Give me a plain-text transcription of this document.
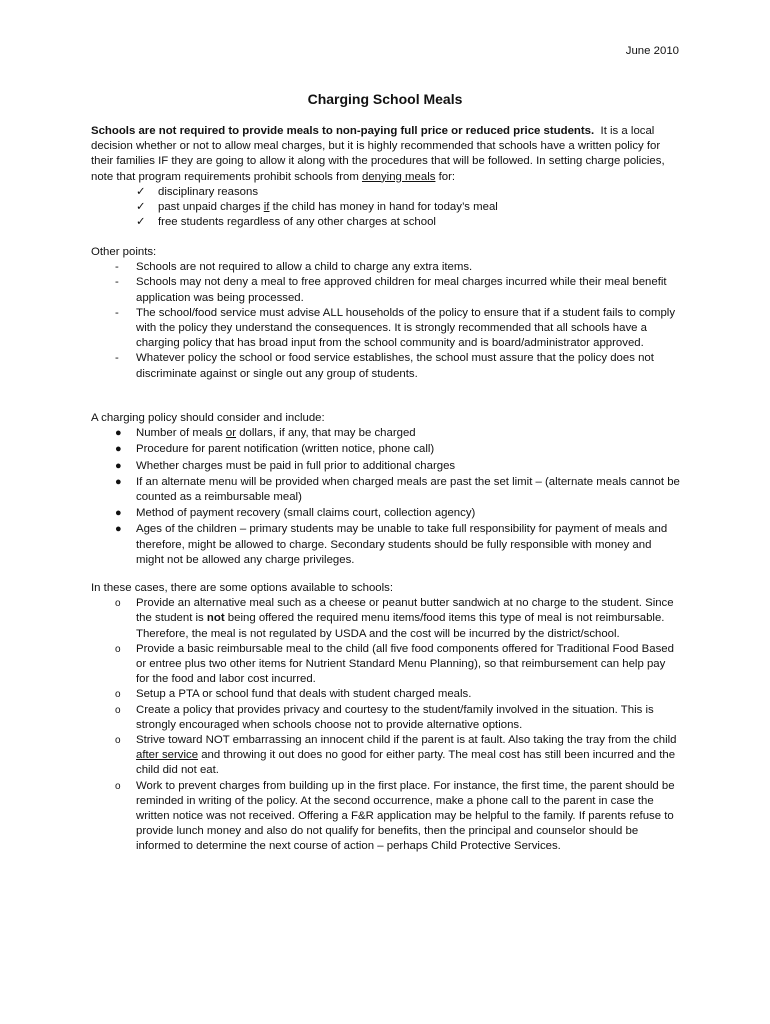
June 2010
Charging School Meals

Schools are not required to provide meals to non-paying full price or reduced price students. It is a local decision whether or not to allow meal charges, but it is highly recommended that schools have a written policy for their families IF they are going to allow it along with the procedures that will be followed. In setting charge policies, note that program requirements prohibit schools from denying meals for:

✓	disciplinary reasons
✓	past unpaid charges if the child has money in hand for today’s meal
✓	free students regardless of any other charges at school

Other points:

- Schools are not required to allow a child to charge any extra items.
- Schools may not deny a meal to free approved children for meal charges incurred while their meal benefit application was being processed.
- The school/food service must advise ALL households of the policy to ensure that if a student fails to comply with the policy they understand the consequences. It is strongly recommended that all schools have a charging policy that has broad input from the school community and is board/administrator approved.
- Whatever policy the school or food service establishes, the school must assure that the policy does not discriminate against or single out any group of students.

A charging policy should consider and include:

● Number of meals or dollars, if any, that may be charged
● Procedure for parent notification (written notice, phone call)
● Whether charges must be paid in full prior to additional charges
● If an alternate menu will be provided when charged meals are past the set limit – (alternate meals cannot be counted as a reimbursable meal)
● Method of payment recovery (small claims court, collection agency)
● Ages of the children – primary students may be unable to take full responsibility for payment of meals and therefore, might be allowed to charge. Secondary students should be fully responsible with money and might not be allowed any charge privileges.

In these cases, there are some options available to schools:

o Provide an alternative meal such as a cheese or peanut butter sandwich at no charge to the student. Since the student is not being offered the required menu items/food items this type of meal is not reimbursable. Therefore, the meal is not regulated by USDA and the cost will be incurred by the district/school.
o Provide a basic reimbursable meal to the child (all five food components offered for Traditional Food Based or entree plus two other items for Nutrient Standard Menu Planning), so that reimbursement can help pay for the food and labor cost incurred.
o Setup a PTA or school fund that deals with student charged meals.
o Create a policy that provides privacy and courtesy to the student/family involved in the situation. This is strongly encouraged when schools choose not to provide alternative options.
o Strive toward NOT embarrassing an innocent child if the parent is at fault. Also taking the tray from the child after service and throwing it out does no good for either party. The meal cost has still been incurred and the child did not eat.
o Work to prevent charges from building up in the first place. For instance, the first time, the parent should be reminded in writing of the policy. At the second occurrence, make a phone call to the parent in case the written notice was not received. Offering a F&R application may be helpful to the family. If parents refuse to provide lunch money and also do not qualify for benefits, then the principal and counselor should be informed to determine the next course of action – perhaps Child Protective Services.
